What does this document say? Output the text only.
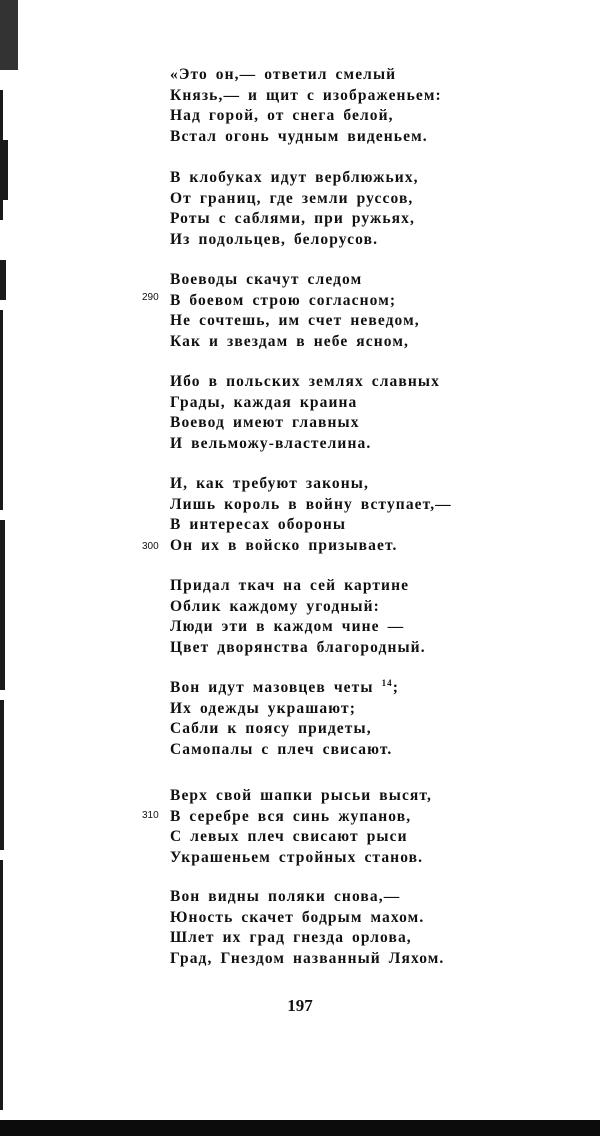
«Это он,— ответил смелый
Князь,— и щит с изображеньем:
Над горой, от снега белой,
Встал огонь чудным виденьем.
В клобуках идут верблюжьих,
От границ, где земли руссов,
Роты с саблями, при ружьях,
Из подольцев, белорусов.
Воеводы скачут следом
В боевом строю согласном;
Не сочтешь, им счет неведом,
Как и звездам в небе ясном,
290
Ибо в польских землях славных
Грады, каждая краина
Воевод имеют главных
И вельможу-властелина.
И, как требуют законы,
Лишь король в войну вступает,—
В интересах обороны
Он их в войско призывает.
300
Придал ткач на сей картине
Облик каждому угодный:
Люди эти в каждом чине —
Цвет дворянства благородный.
Вон идут мазовцев четы $^{14}$;
Их одежды украшают;
Сабли к поясу придеты,
Самопалы с плеч свисают.
Верх свой шапки рысьи высят,
В серебре вся синь жупанов,
С левых плеч свисают рыси
Украшеньем стройных станов.
310
Вон видны поляки снова,—
Юность скачет бодрым махом.
Шлет их град гнезда орлова,
Град, Гнездом названный Ляхом.
197
